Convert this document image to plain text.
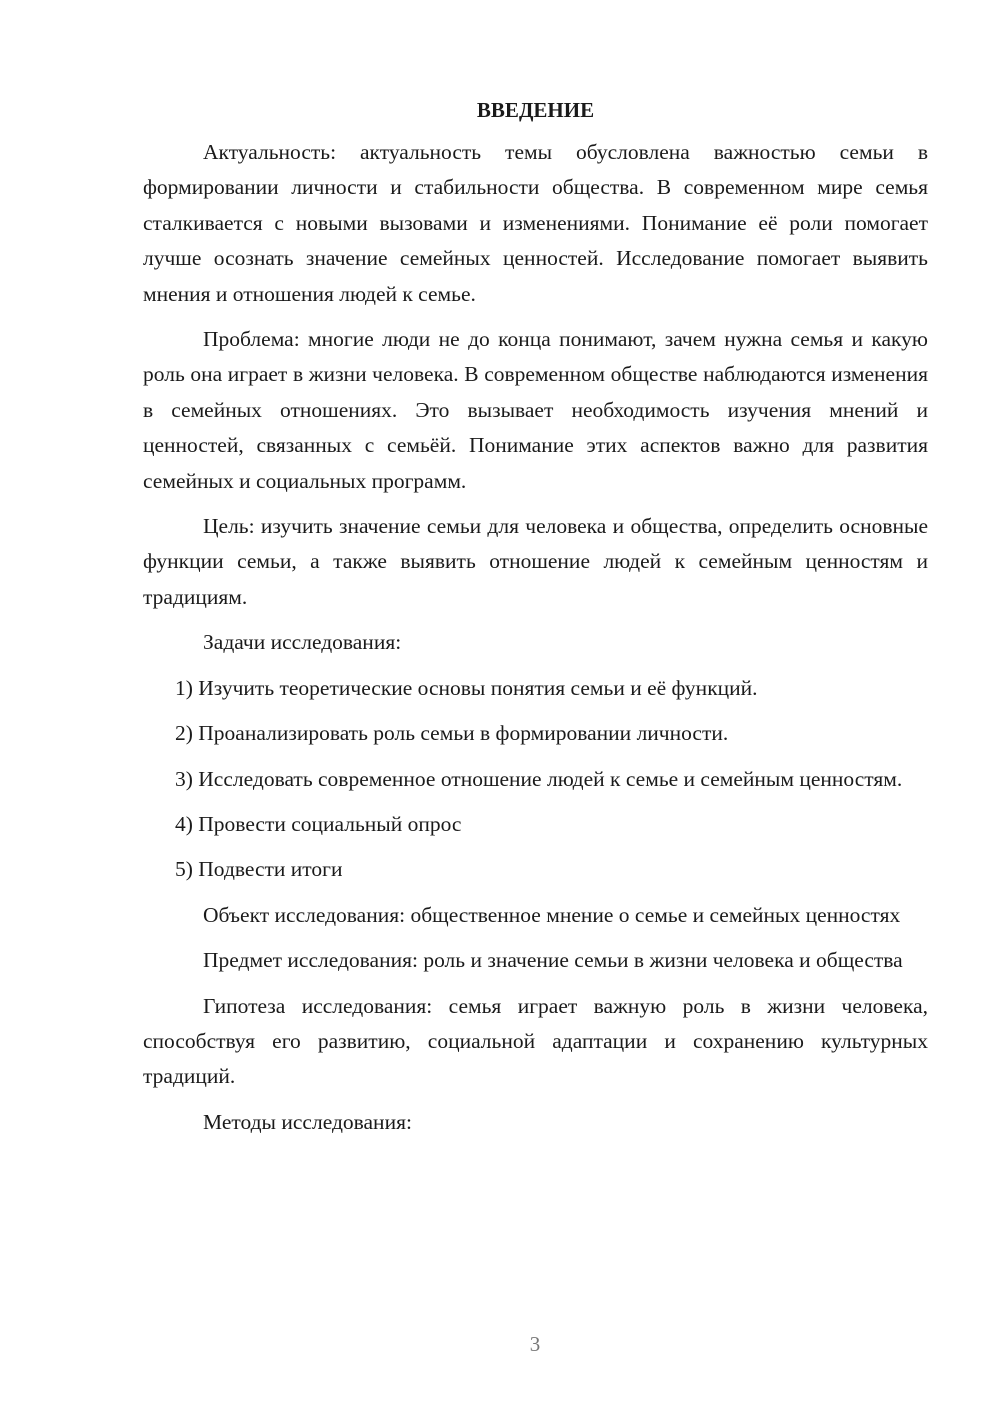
ВВЕДЕНИЕ

Актуальность: актуальность темы обусловлена важностью семьи в формировании личности и стабильности общества. В современном мире семья сталкивается с новыми вызовами и изменениями. Понимание её роли помогает лучше осознать значение семейных ценностей. Исследование помогает выявить мнения и отношения людей к семье.

Проблема: многие люди не до конца понимают, зачем нужна семья и какую роль она играет в жизни человека. В современном обществе наблюдаются изменения в семейных отношениях. Это вызывает необходимость изучения мнений и ценностей, связанных с семьёй. Понимание этих аспектов важно для развития семейных и социальных программ.

Цель: изучить значение семьи для человека и общества, определить основные функции семьи, а также выявить отношение людей к семейным ценностям и традициям.

Задачи исследования:

1) Изучить теоретические основы понятия семьи и её функций.

2) Проанализировать роль семьи в формировании личности.

3) Исследовать современное отношение людей к семье и семейным ценностям.

4) Провести социальный опрос

5) Подвести итоги

Объект исследования: общественное мнение о семье и семейных ценностях

Предмет исследования: роль и значение семьи в жизни человека и общества

Гипотеза исследования: семья играет важную роль в жизни человека, способствуя его развитию, социальной адаптации и сохранению культурных традиций.

Методы исследования:

3
